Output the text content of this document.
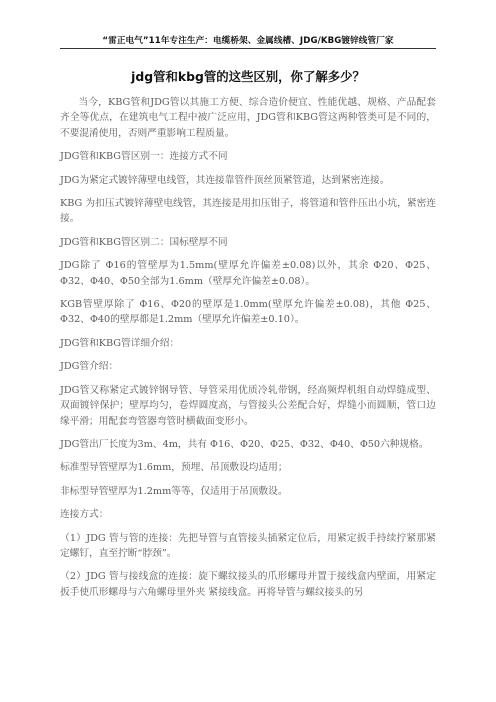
“雷正电气”11年专注生产：电缆桥架、金属线槽、JDG/KBG镀锌线管厂家
jdg管和kbg管的这些区别，你了解多少？

当今，KBG管和JDG管以其施工方便、综合造价便宜、性能优越、规格、产品配套齐全等优点，在建筑电气工程中被广泛应用，JDG管和KBG管这两种管类可是不同的，不要混淆使用，否则严重影响工程质量。

JDG管和KBG管区别一：连接方式不同

JDG为紧定式镀锌薄壁电线管，其连接靠管件顶丝顶紧管道，达到紧密连接。

KBG 为扣压式镀锌薄壁电线管，其连接是用扣压钳子，将管道和管件压出小坑，紧密连接。

JDG管和KBG管区别二：国标壁厚不同

JDG除了 Φ16的管壁厚为1.5mm(壁厚允许偏差±0.08)以外，其余 Φ20、Φ25、Φ32、Φ40、Φ50全部为1.6mm（壁厚允许偏差±0.08）。

KGB管壁厚除了 Φ16、Φ20的壁厚是1.0mm(壁厚允许偏差±0.08)，其他 Φ25、Φ32、Φ40的壁厚都是1.2mm（壁厚允许偏差±0.10）。

JDG管和KBG管详细介绍：

JDG管介绍：

JDG管又称紧定式镀锌钢导管、导管采用优质冷轧带钢，经高频焊机组自动焊缝成型、双面镀锌保护；壁厚均匀，卷焊圆度高，与管接头公差配合好，焊缝小而圆顺，管口边缘平滑；用配套弯管器弯管时横截面变形小。

JDG管出厂长度为3m、4m，共有 Φ16、Φ20、Φ25、Φ32、Φ40、Φ50六种规格。

标准型导管壁厚为1.6mm，预埋、吊顶敷设均适用；

非标型导管壁厚为1.2mm等等，仅适用于吊顶敷设。

连接方式：

（1）JDG 管与管的连接：先把导管与直管接头插紧定位后，用紧定扳手持续拧紧那紧定螺钉，直至拧断“脖颈”。

（2）JDG 管与接线盒的连接：旋下螺纹接头的爪形螺母并置于接线盒内壁面，用紧定扳手使爪形螺母与六角螺母里外夹 紧接线盒。再将导管与螺纹接头的另
